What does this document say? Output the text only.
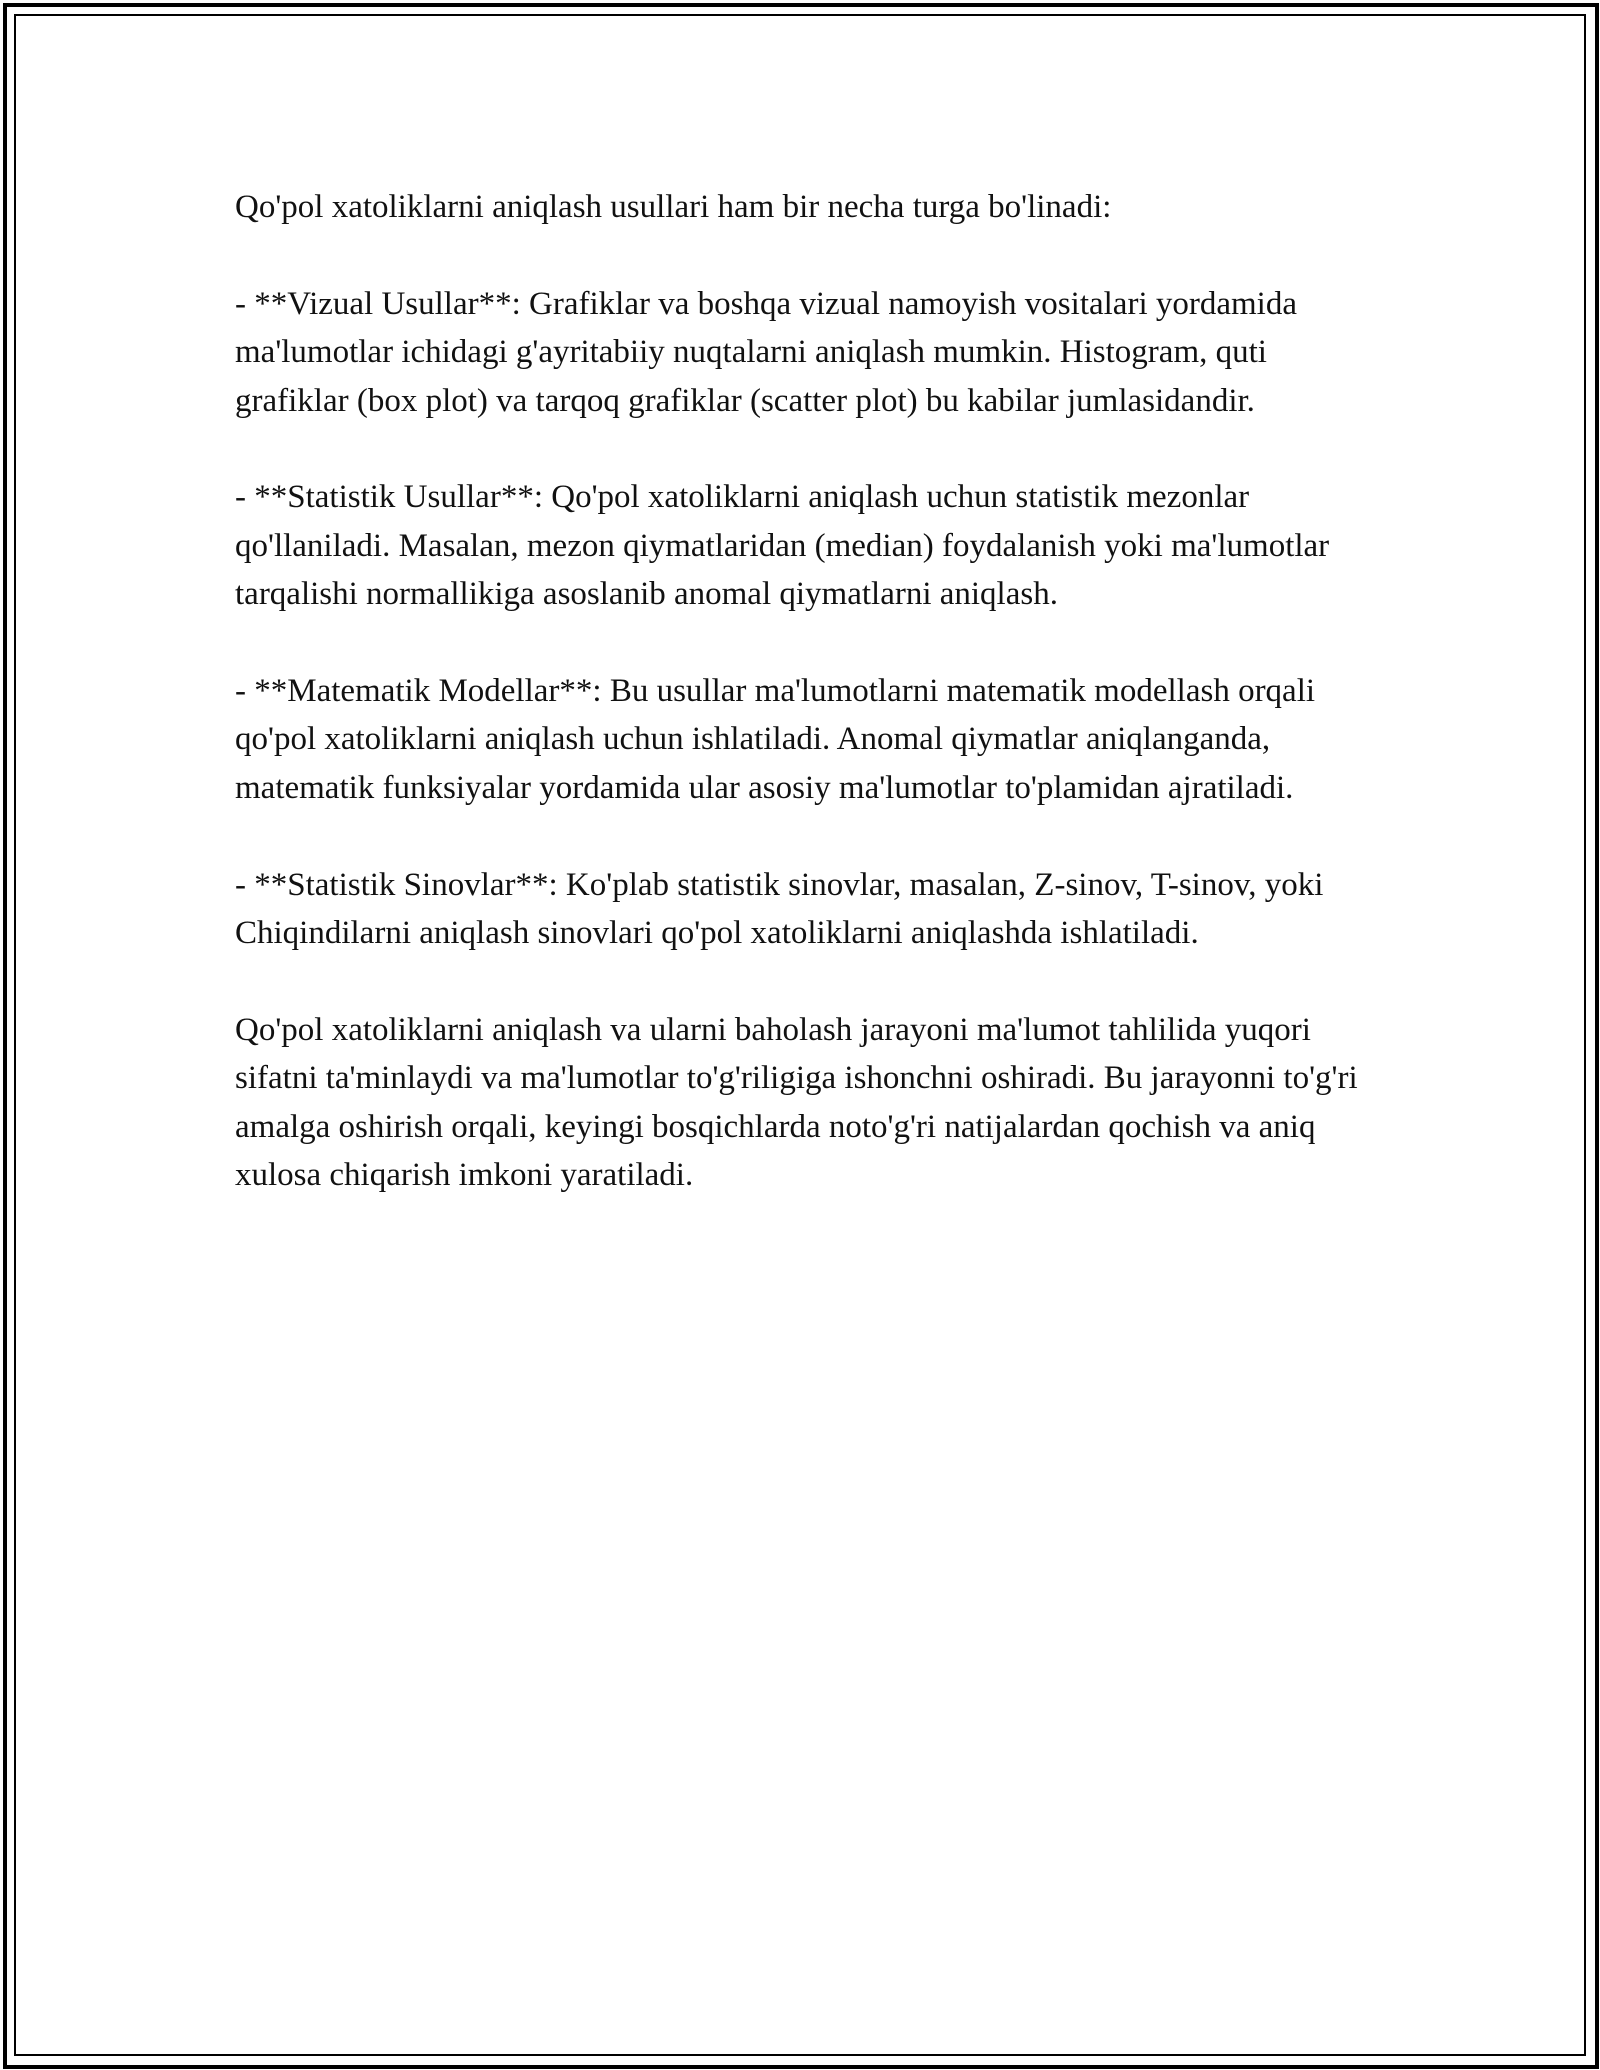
Qo'pol xatoliklarni aniqlash usullari ham bir necha turga bo'linadi:

- **Vizual Usullar**: Grafiklar va boshqa vizual namoyish vositalari yordamida ma'lumotlar ichidagi g'ayritabiiy nuqtalarni aniqlash mumkin. Histogram, quti grafiklar (box plot) va tarqoq grafiklar (scatter plot) bu kabilar jumlasidandir.

- **Statistik Usullar**: Qo'pol xatoliklarni aniqlash uchun statistik mezonlar qo'llaniladi. Masalan, mezon qiymatlaridan (median) foydalanish yoki ma'lumotlar tarqalishi normallikiga asoslanib anomal qiymatlarni aniqlash.

- **Matematik Modellar**: Bu usullar ma'lumotlarni matematik modellash orqali qo'pol xatoliklarni aniqlash uchun ishlatiladi. Anomal qiymatlar aniqlanganda, matematik funksiyalar yordamida ular asosiy ma'lumotlar to'plamidan ajratiladi.

- **Statistik Sinovlar**: Ko'plab statistik sinovlar, masalan, Z-sinov, T-sinov, yoki Chiqindilarni aniqlash sinovlari qo'pol xatoliklarni aniqlashda ishlatiladi.

Qo'pol xatoliklarni aniqlash va ularni baholash jarayoni ma'lumot tahlilida yuqori sifatni ta'minlaydi va ma'lumotlar to'g'riligiga ishonchni oshiradi. Bu jarayonni to'g'ri amalga oshirish orqali, keyingi bosqichlarda noto'g'ri natijalardan qochish va aniq xulosa chiqarish imkoni yaratiladi.
